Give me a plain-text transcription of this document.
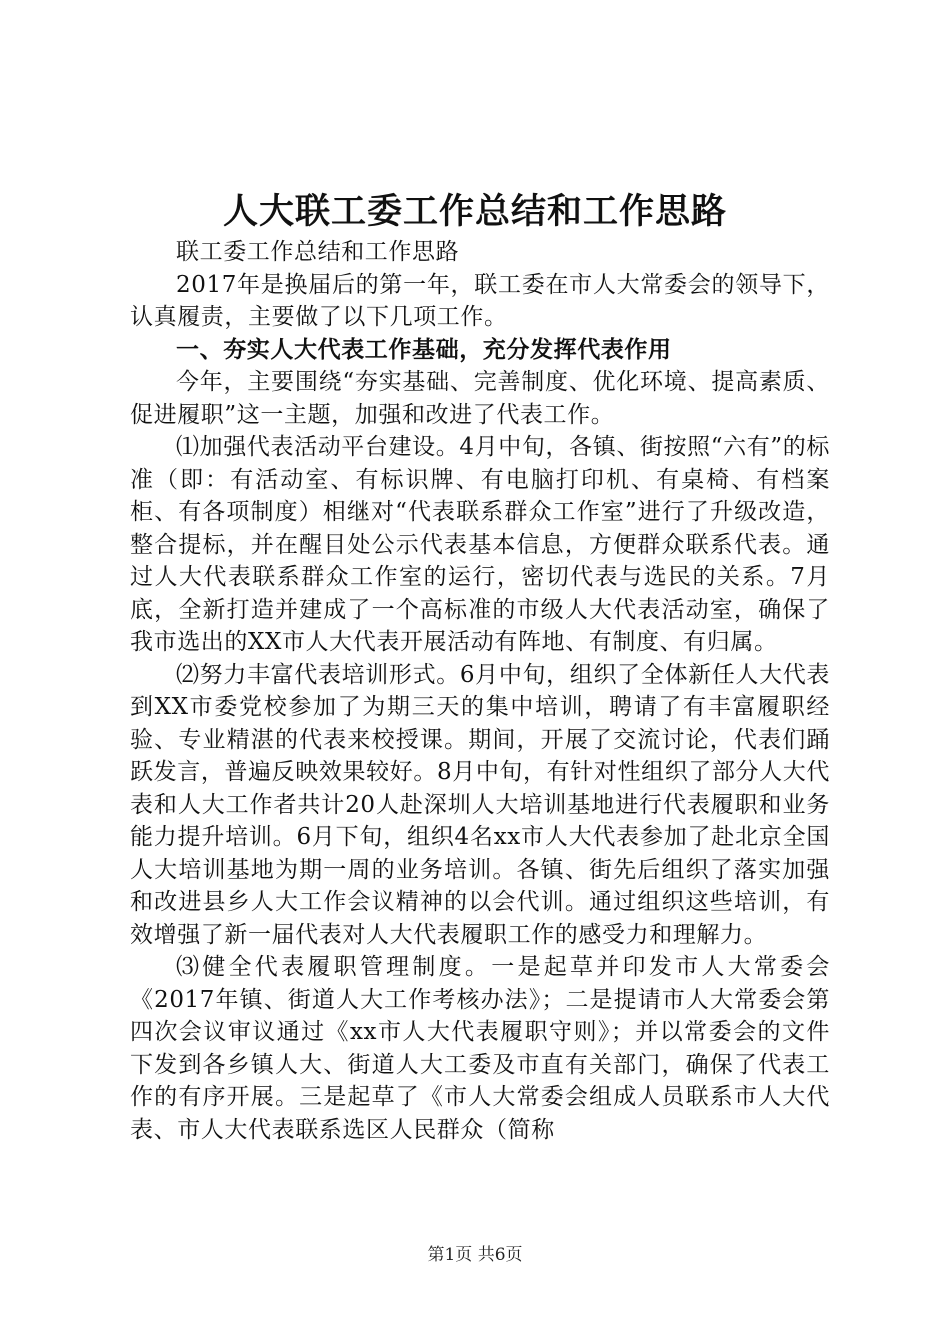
人大联工委工作总结和工作思路

联工委工作总结和工作思路

2017年是换届后的第一年，联工委在市人大常委会的领导下，认真履责，主要做了以下几项工作。

一、夯实人大代表工作基础，充分发挥代表作用

今年，主要围绕“夯实基础、完善制度、优化环境、提高素质、促进履职”这一主题，加强和改进了代表工作。

⑴加强代表活动平台建设。4月中旬，各镇、街按照“六有”的标准（即：有活动室、有标识牌、有电脑打印机、有桌椅、有档案柜、有各项制度）相继对“代表联系群众工作室”进行了升级改造，整合提标，并在醒目处公示代表基本信息，方便群众联系代表。通过人大代表联系群众工作室的运行，密切代表与选民的关系。7月底，全新打造并建成了一个高标准的市级人大代表活动室，确保了我市选出的XX市人大代表开展活动有阵地、有制度、有归属。

⑵努力丰富代表培训形式。6月中旬，组织了全体新任人大代表到XX市委党校参加了为期三天的集中培训，聘请了有丰富履职经验、专业精湛的代表来校授课。期间，开展了交流讨论，代表们踊跃发言，普遍反映效果较好。8月中旬，有针对性组织了部分人大代表和人大工作者共计20人赴深圳人大培训基地进行代表履职和业务能力提升培训。6月下旬，组织4名xx市人大代表参加了赴北京全国人大培训基地为期一周的业务培训。各镇、街先后组织了落实加强和改进县乡人大工作会议精神的以会代训。通过组织这些培训，有效增强了新一届代表对人大代表履职工作的感受力和理解力。

⑶健全代表履职管理制度。一是起草并印发市人大常委会《2017年镇、街道人大工作考核办法》；二是提请市人大常委会第四次会议审议通过《xx市人大代表履职守则》；并以常委会的文件下发到各乡镇人大、街道人大工委及市直有关部门，确保了代表工作的有序开展。三是起草了《市人大常委会组成人员联系市人大代表、市人大代表联系选区人民群众（简称

第1页 共6页
